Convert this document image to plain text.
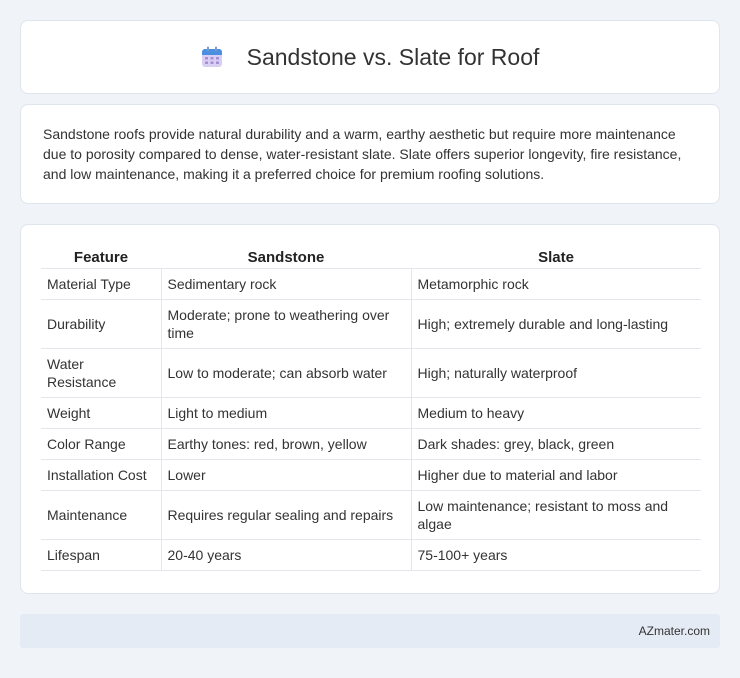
Sandstone vs. Slate for Roof

Sandstone roofs provide natural durability and a warm, earthy aesthetic but require more maintenance due to porosity compared to dense, water-resistant slate. Slate offers superior longevity, fire resistance, and low maintenance, making it a preferred choice for premium roofing solutions.

Feature	Sandstone	Slate
Material Type	Sedimentary rock	Metamorphic rock
Durability	Moderate; prone to weathering over time	High; extremely durable and long-lasting
Water Resistance	Low to moderate; can absorb water	High; naturally waterproof
Weight	Light to medium	Medium to heavy
Color Range	Earthy tones: red, brown, yellow	Dark shades: grey, black, green
Installation Cost	Lower	Higher due to material and labor
Maintenance	Requires regular sealing and repairs	Low maintenance; resistant to moss and algae
Lifespan	20-40 years	75-100+ years
AZmater.com
